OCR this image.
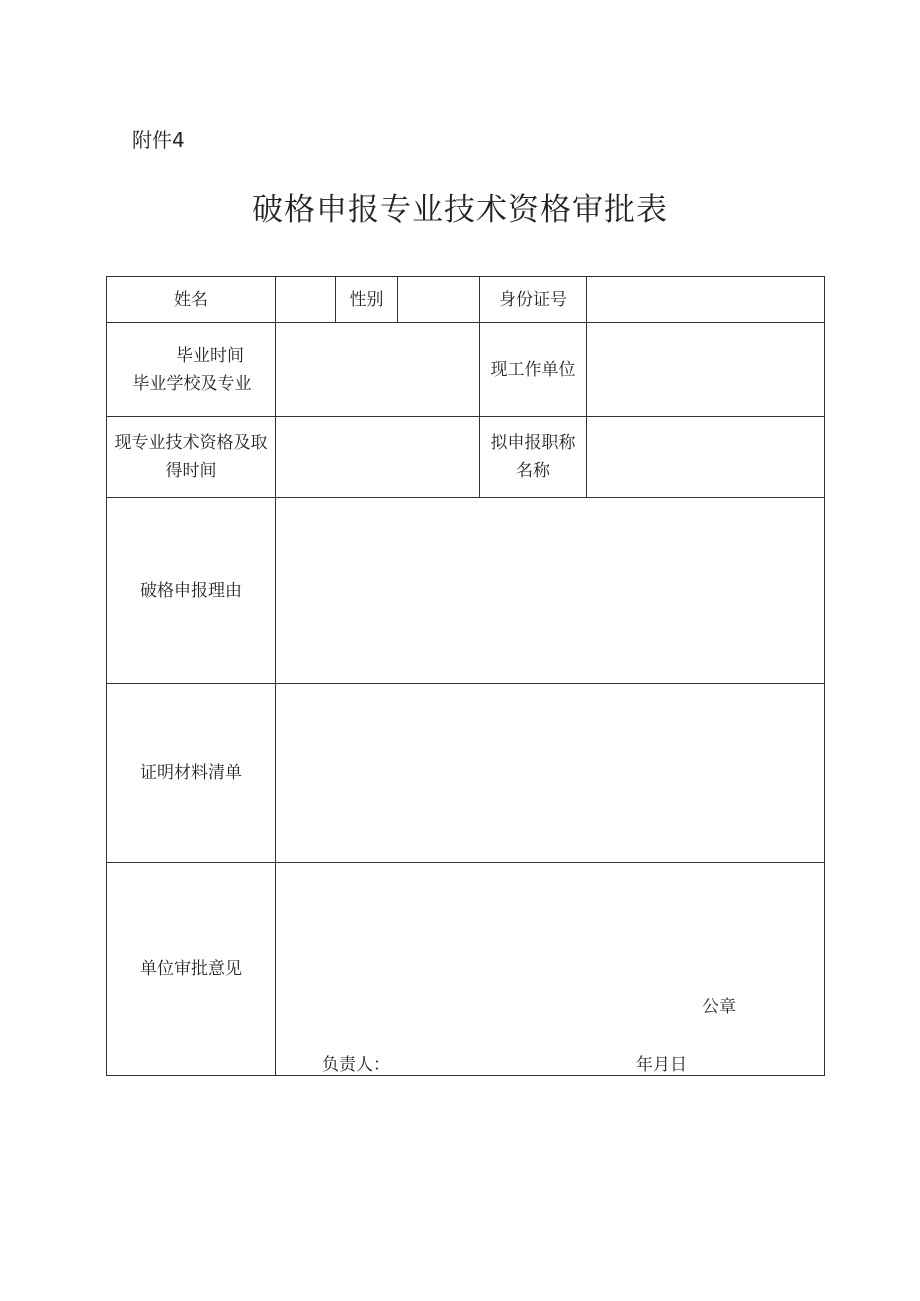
附件4
破格申报专业技术资格审批表
姓名		性别		身份证号	

毕业时间
毕业学校及专业				现工作单位	

现专业技术资格及取
得时间				拟申报职称
名称	

破格申报理由					
证明材料清单					
单位审批意见	公章
负责人： 年月日				
